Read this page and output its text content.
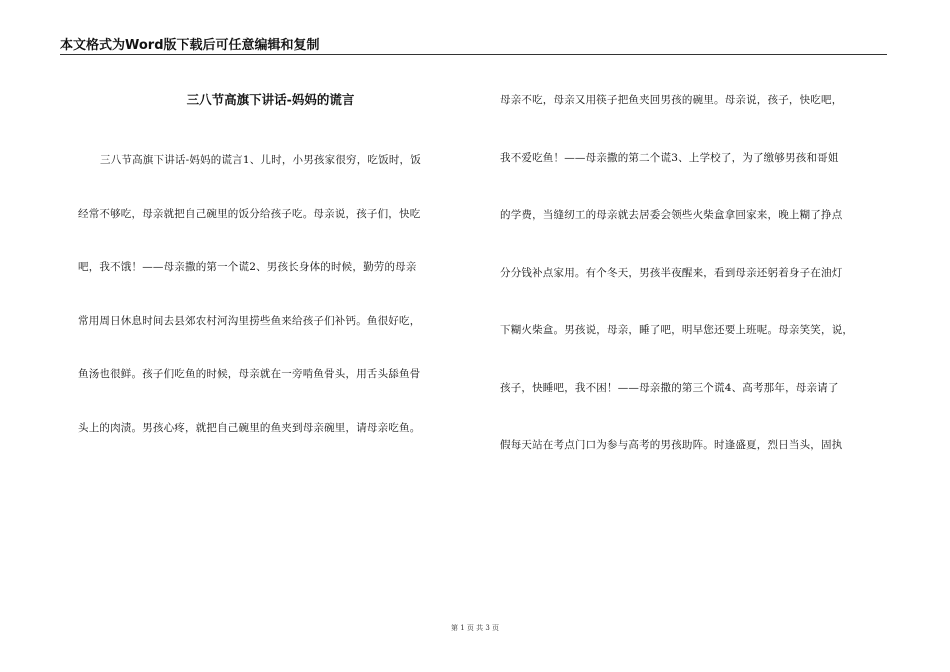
本文格式为Word版下载后可任意编辑和复制
三八节高旗下讲话-妈妈的谎言
三八节高旗下讲话-妈妈的谎言1、儿时，小男孩家很穷，吃饭时，饭
经常不够吃，母亲就把自己碗里的饭分给孩子吃。母亲说，孩子们，快吃
吧，我不饿！——母亲撒的第一个谎2、男孩长身体的时候，勤劳的母亲
常用周日休息时间去县郊农村河沟里捞些鱼来给孩子们补钙。鱼很好吃，
鱼汤也很鲜。孩子们吃鱼的时候，母亲就在一旁啃鱼骨头，用舌头舔鱼骨
头上的肉渍。男孩心疼，就把自己碗里的鱼夹到母亲碗里，请母亲吃鱼。
母亲不吃，母亲又用筷子把鱼夹回男孩的碗里。母亲说，孩子，快吃吧，
我不爱吃鱼！——母亲撒的第二个谎3、上学校了，为了缴够男孩和哥姐
的学费，当缝纫工的母亲就去居委会领些火柴盒拿回家来，晚上糊了挣点
分分钱补点家用。有个冬天，男孩半夜醒来，看到母亲还躬着身子在油灯
下糊火柴盒。男孩说，母亲，睡了吧，明早您还要上班呢。母亲笑笑，说，
孩子，快睡吧，我不困！——母亲撒的第三个谎4、高考那年，母亲请了
假每天站在考点门口为参与高考的男孩助阵。时逢盛夏，烈日当头，固执
第 1 页 共 3 页
